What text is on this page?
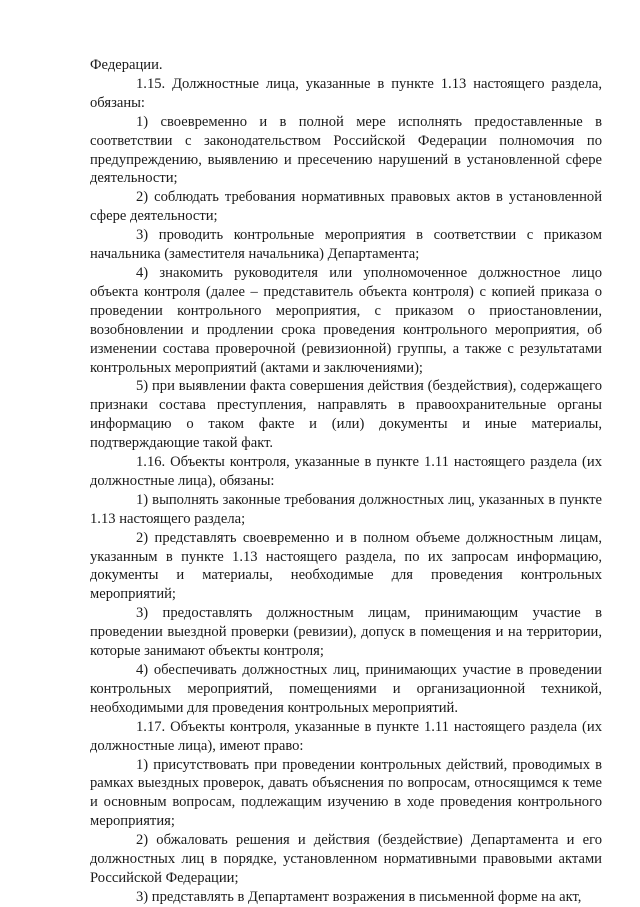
Федерации.

1.15. Должностные лица, указанные в пункте 1.13 настоящего раздела, обязаны:

1) своевременно и в полной мере исполнять предоставленные в соответствии с законодательством Российской Федерации полномочия по предупреждению, выявлению и пресечению нарушений в установленной сфере деятельности;

2) соблюдать требования нормативных правовых актов в установленной сфере деятельности;

3) проводить контрольные мероприятия в соответствии с приказом начальника (заместителя начальника) Департамента;

4) знакомить руководителя или уполномоченное должностное лицо объекта контроля (далее – представитель объекта контроля) с копией приказа о проведении контрольного мероприятия, с приказом о приостановлении, возобновлении и продлении срока проведения контрольного мероприятия, об изменении состава проверочной (ревизионной) группы, а также с результатами контрольных мероприятий (актами и заключениями);

5) при выявлении факта совершения действия (бездействия), содержащего признаки состава преступления, направлять в правоохранительные органы информацию о таком факте и (или) документы и иные материалы, подтверждающие такой факт.

1.16. Объекты контроля, указанные в пункте 1.11 настоящего раздела (их должностные лица), обязаны:

1) выполнять законные требования должностных лиц, указанных в пункте 1.13 настоящего раздела;

2) представлять своевременно и в полном объеме должностным лицам, указанным в пункте 1.13 настоящего раздела, по их запросам информацию, документы и материалы, необходимые для проведения контрольных мероприятий;

3) предоставлять должностным лицам, принимающим участие в проведении выездной проверки (ревизии), допуск в помещения и на территории, которые занимают объекты контроля;

4) обеспечивать должностных лиц, принимающих участие в проведении контрольных мероприятий, помещениями и организационной техникой, необходимыми для проведения контрольных мероприятий.

1.17. Объекты контроля, указанные в пункте 1.11 настоящего раздела (их должностные лица), имеют право:

1) присутствовать при проведении контрольных действий, проводимых в рамках выездных проверок, давать объяснения по вопросам, относящимся к теме и основным вопросам, подлежащим изучению в ходе проведения контрольного мероприятия;

2) обжаловать решения и действия (бездействие) Департамента и его должностных лиц в порядке, установленном нормативными правовыми актами Российской Федерации;

3) представлять в Департамент возражения в письменной форме на акт,
